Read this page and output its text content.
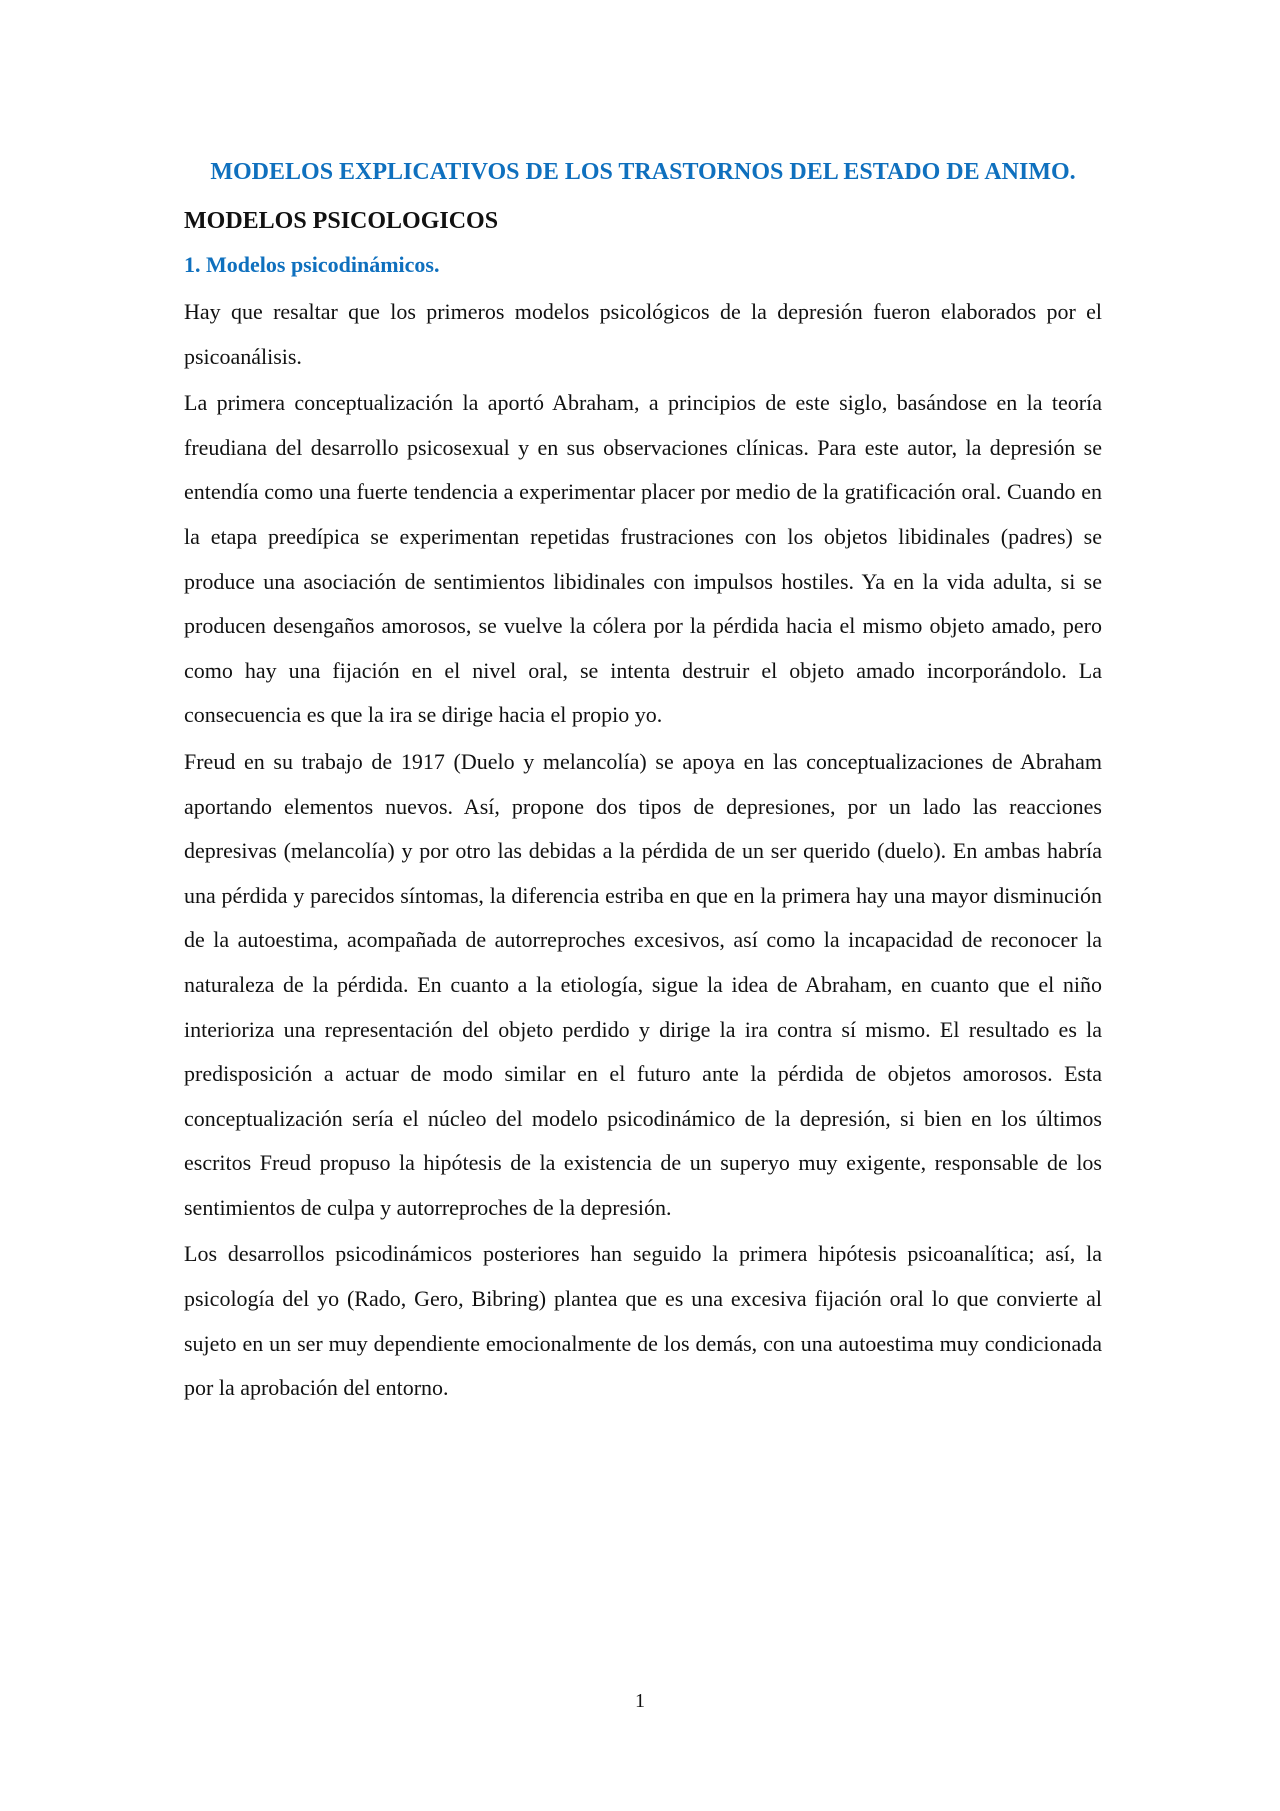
MODELOS EXPLICATIVOS DE LOS TRASTORNOS DEL ESTADO DE ANIMO.
MODELOS PSICOLOGICOS
1. Modelos psicodinámicos.

Hay que resaltar que los primeros modelos psicológicos de la depresión fueron elaborados por el psicoanálisis.

La primera conceptualización la aportó Abraham, a principios de este siglo, basándose en la teoría freudiana del desarrollo psicosexual y en sus observaciones clínicas. Para este autor, la depresión se entendía como una fuerte tendencia a experimentar placer por medio de la gratificación oral. Cuando en la etapa preedípica se experimentan repetidas frustraciones con los objetos libidinales (padres) se produce una asociación de sentimientos libidinales con impulsos hostiles. Ya en la vida adulta, si se producen desengaños amorosos, se vuelve la cólera por la pérdida hacia el mismo objeto amado, pero como hay una fijación en el nivel oral, se intenta destruir el objeto amado incorporándolo. La consecuencia es que la ira se dirige hacia el propio yo.

Freud en su trabajo de 1917 (Duelo y melancolía) se apoya en las conceptualizaciones de Abraham aportando elementos nuevos. Así, propone dos tipos de depresiones, por un lado las reacciones depresivas (melancolía) y por otro las debidas a la pérdida de un ser querido (duelo). En ambas habría una pérdida y parecidos síntomas, la diferencia estriba en que en la primera hay una mayor disminución de la autoestima, acompañada de autorreproches excesivos, así como la incapacidad de reconocer la naturaleza de la pérdida. En cuanto a la etiología, sigue la idea de Abraham, en cuanto que el niño interioriza una representación del objeto perdido y dirige la ira contra sí mismo. El resultado es la predisposición a actuar de modo similar en el futuro ante la pérdida de objetos amorosos. Esta conceptualización sería el núcleo del modelo psicodinámico de la depresión, si bien en los últimos escritos Freud propuso la hipótesis de la existencia de un superyo muy exigente, responsable de los sentimientos de culpa y autorreproches de la depresión.

Los desarrollos psicodinámicos posteriores han seguido la primera hipótesis psicoanalítica; así, la psicología del yo (Rado, Gero, Bibring) plantea que es una excesiva fijación oral lo que convierte al sujeto en un ser muy dependiente emocionalmente de los demás, con una autoestima muy condicionada por la aprobación del entorno.

1
